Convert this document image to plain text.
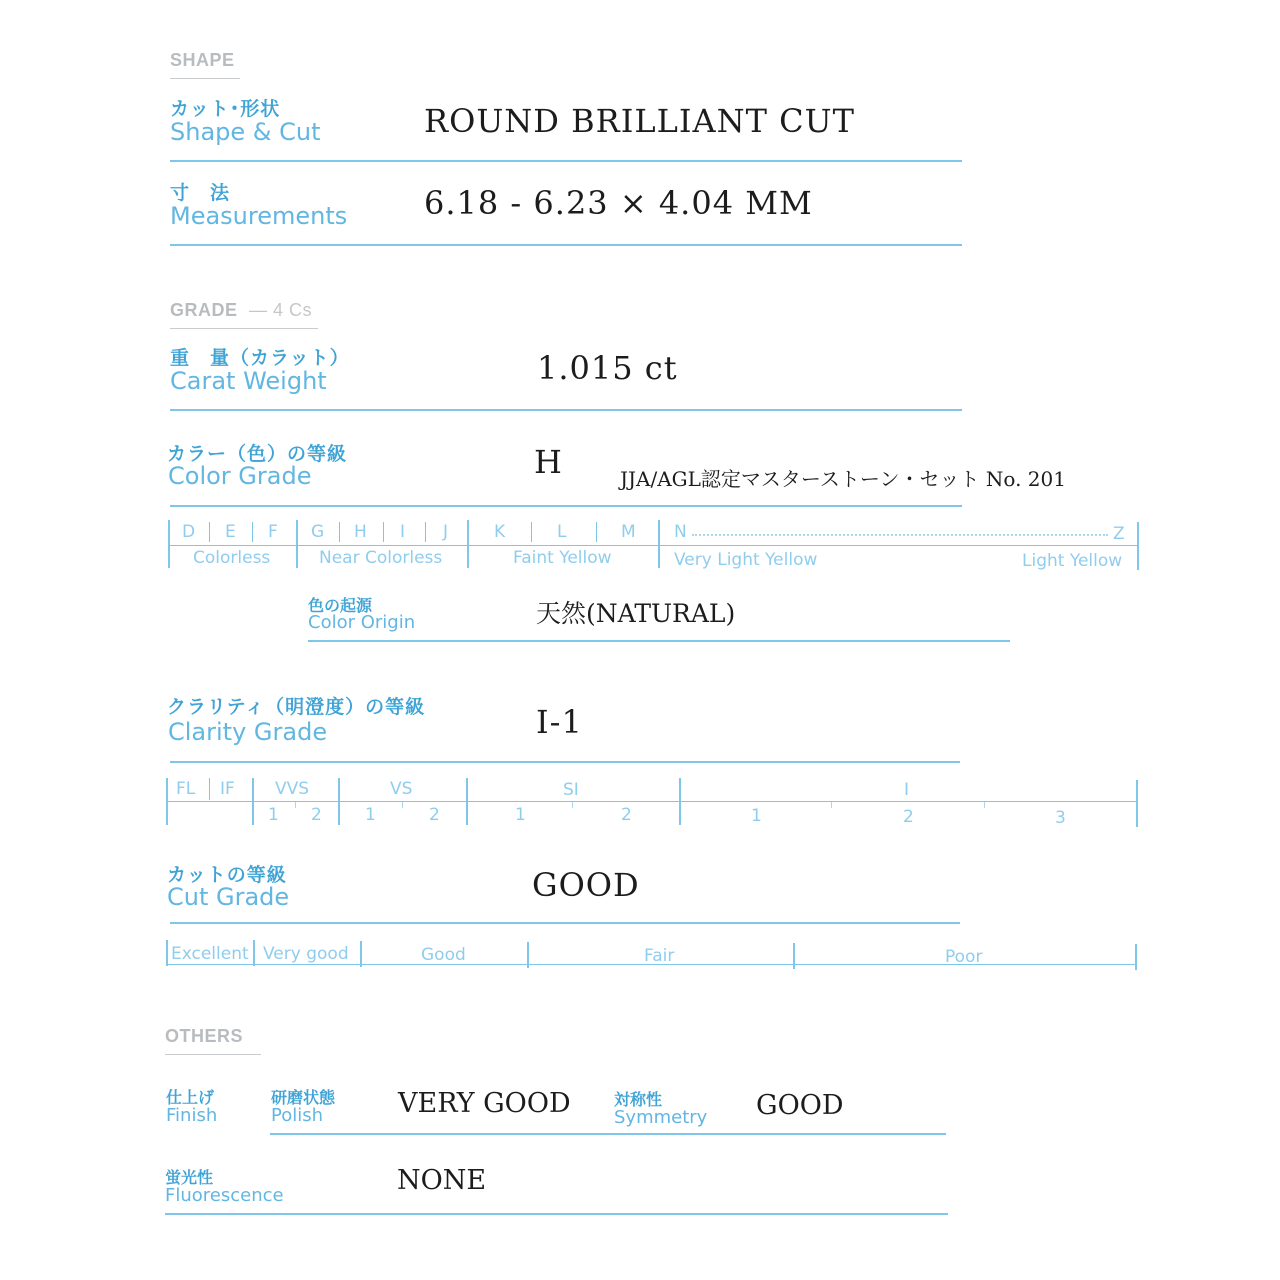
SHAPE
カット･形状
Shape & Cut	ROUND BRILLIANT CUT
寸　法
Measurements 6.18 - 6.23 × 4.04 MM
GRADE — 4 Cs
重　量（カラット）
Carat Weight	1.015 ct
カラー（色）の等級
Color Grade	H	JJA/AGL認定マスターストーン・セット No. 201
D E F G H I J	K	L	M N	Z
Colorless	Near Colorless	Faint Yellow	Very Light Yellow	Light Yellow
色の起源
Color Origin	天然(NATURAL)
クラリティ（明澄度）の等級
Clarity Grade	I-1
FL IF VVS	VS	SI	I
1 2	1	2	1	2	1	2	3
カットの等級
Cut Grade	GOOD
Excellent Very good	Good	Fair	Poor
OTHERS
仕上げ
Finish
研磨状態
Polish	VERY GOOD	対称性
Symmetry GOOD
蛍光性
Fluorescence	NONE
